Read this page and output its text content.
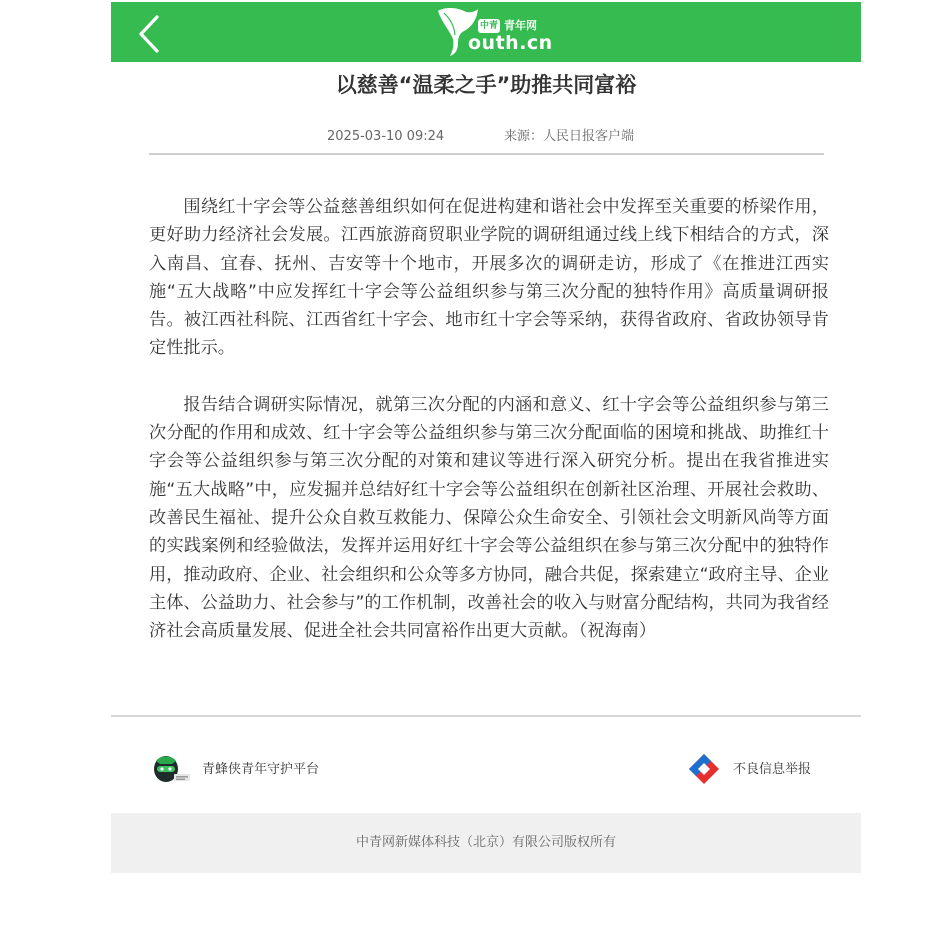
中青 青年网
outh.cn
以慈善“温柔之手”助推共同富裕
2025-03-10 09:24	来源：人民日报客户端

围绕红十字会等公益慈善组织如何在促进构建和谐社会中发挥至关重要的桥梁作用，更好助力经济社会发展。江西旅游商贸职业学院的调研组通过线上线下相结合的方式，深入南昌、宜春、抚州、吉安等十个地市，开展多次的调研走访，形成了《在推进江西实施“五大战略”中应发挥红十字会等公益组织参与第三次分配的独特作用》高质量调研报告。被江西社科院、江西省红十字会、地市红十字会等采纳，获得省政府、省政协领导肯定性批示。

报告结合调研实际情况，就第三次分配的内涵和意义、红十字会等公益组织参与第三次分配的作用和成效、红十字会等公益组织参与第三次分配面临的困境和挑战、助推红十字会等公益组织参与第三次分配的对策和建议等进行深入研究分析。提出在我省推进实施“五大战略”中，应发掘并总结好红十字会等公益组织在创新社区治理、开展社会救助、改善民生福祉、提升公众自救互救能力、保障公众生命安全、引领社会文明新风尚等方面的实践案例和经验做法，发挥并运用好红十字会等公益组织在参与第三次分配中的独特作用，推动政府、企业、社会组织和公众等多方协同，融合共促，探索建立“政府主导、企业主体、公益助力、社会参与”的工作机制，改善社会的收入与财富分配结构，共同为我省经济社会高质量发展、促进全社会共同富裕作出更大贡献。（祝海南）

青蜂侠青年守护平台	不良信息举报
中青网新媒体科技（北京）有限公司版权所有
